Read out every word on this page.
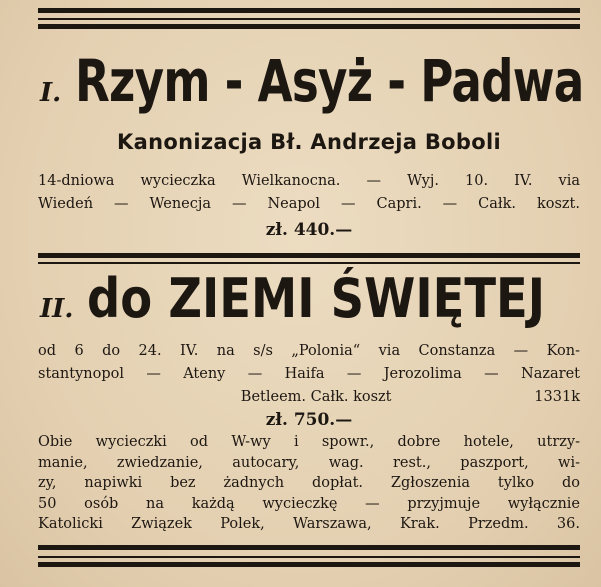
I. Rzym - Asyż - Padwa
Kanonizacja Bł. Andrzeja Boboli
14-dniowa wycieczka Wielkanocna. — Wyj. 10. IV. via
Wiedeń — Wenecja — Neapol — Capri. — Całk. koszt.
zł. 440.—
II. do ZIEMI ŚWIĘTEJ
od 6 do 24. IV. na s/s „Polonia“ via Constanza — Kon-
stantynopol — Ateny — Haifa — Jerozolima — Nazaret
Betleem. Całk. koszt	1331k
zł. 750.—
Obie wycieczki od W-wy i spowr., dobre hotele, utrzy-
manie, zwiedzanie, autocary, wag. rest., paszport, wi-
zy, napiwki bez żadnych dopłat. Zgłoszenia tylko do
50 osób na każdą wycieczkę — przyjmuje wyłącznie
Katolicki Związek Polek, Warszawa, Krak. Przedm. 36.
